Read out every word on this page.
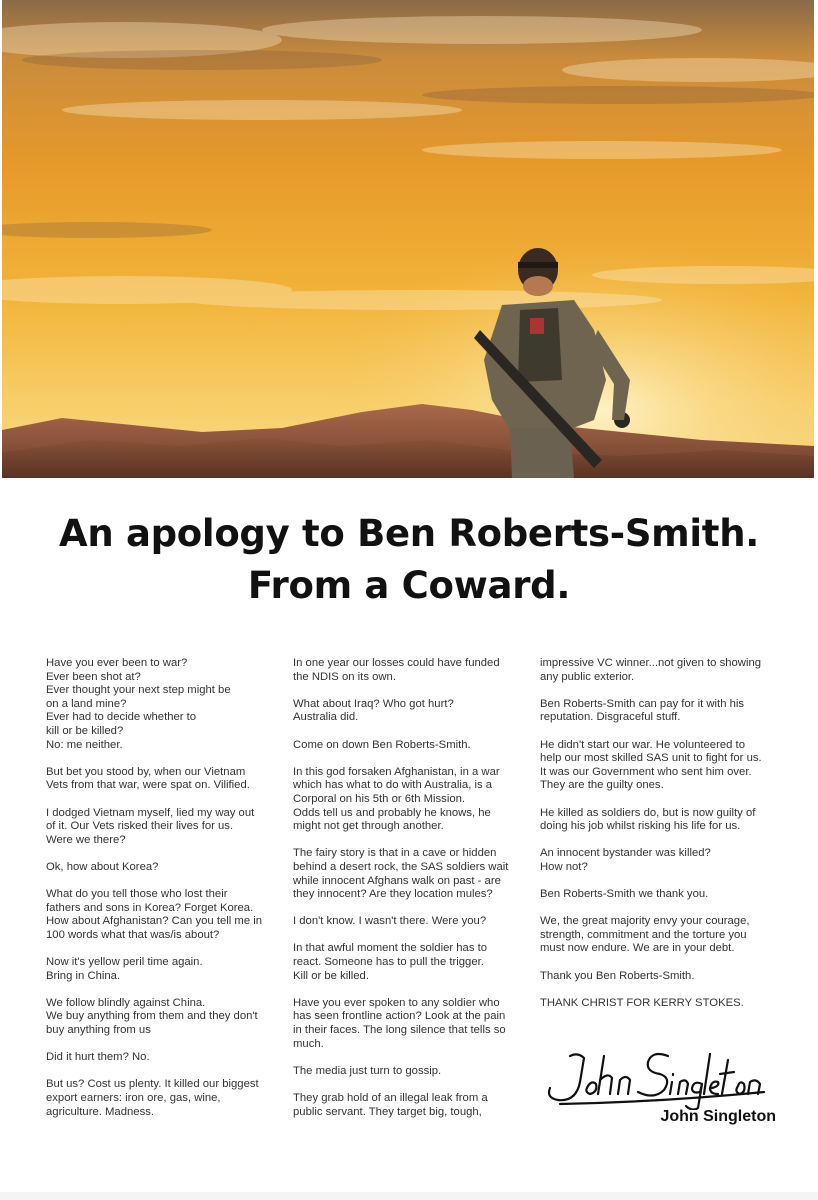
An apology to Ben Roberts-Smith.
From a Coward.

Have you ever been to war?
Ever been shot at?
Ever thought your next step might be
on a land mine?
Ever had to decide whether to
kill or be killed?
No: me neither.

But bet you stood by, when our Vietnam
Vets from that war, were spat on. Vilified.

I dodged Vietnam myself, lied my way out
of it. Our Vets risked their lives for us.
Were we there?

Ok, how about Korea?

What do you tell those who lost their
fathers and sons in Korea? Forget Korea.
How about Afghanistan? Can you tell me in
100 words what that was/is about?

Now it's yellow peril time again.
Bring in China.

We follow blindly against China.
We buy anything from them and they don't
buy anything from us

Did it hurt them? No.

But us? Cost us plenty. It killed our biggest
export earners: iron ore, gas, wine,
agriculture. Madness.

In one year our losses could have funded
the NDIS on its own.

What about Iraq? Who got hurt?
Australia did.

Come on down Ben Roberts-Smith.

In this god forsaken Afghanistan, in a war
which has what to do with Australia, is a
Corporal on his 5th or 6th Mission.
Odds tell us and probably he knows, he
might not get through another.

The fairy story is that in a cave or hidden
behind a desert rock, the SAS soldiers wait
while innocent Afghans walk on past - are
they innocent? Are they location mules?

I don't know. I wasn't there. Were you?

In that awful moment the soldier has to
react. Someone has to pull the trigger.
Kill or be killed.

Have you ever spoken to any soldier who
has seen frontline action? Look at the pain
in their faces. The long silence that tells so
much.

The media just turn to gossip.

They grab hold of an illegal leak from a
public servant. They target big, tough,

impressive VC winner...not given to showing
any public exterior.

Ben Roberts-Smith can pay for it with his
reputation. Disgraceful stuff.

He didn't start our war. He volunteered to
help our most skilled SAS unit to fight for us.
It was our Government who sent him over.
They are the guilty ones.

He killed as soldiers do, but is now guilty of
doing his job whilst risking his life for us.

An innocent bystander was killed?
How not?

Ben Roberts-Smith we thank you.

We, the great majority envy your courage,
strength, commitment and the torture you
must now endure. We are in your debt.

Thank you Ben Roberts-Smith.

THANK CHRIST FOR KERRY STOKES.

John Singleton
